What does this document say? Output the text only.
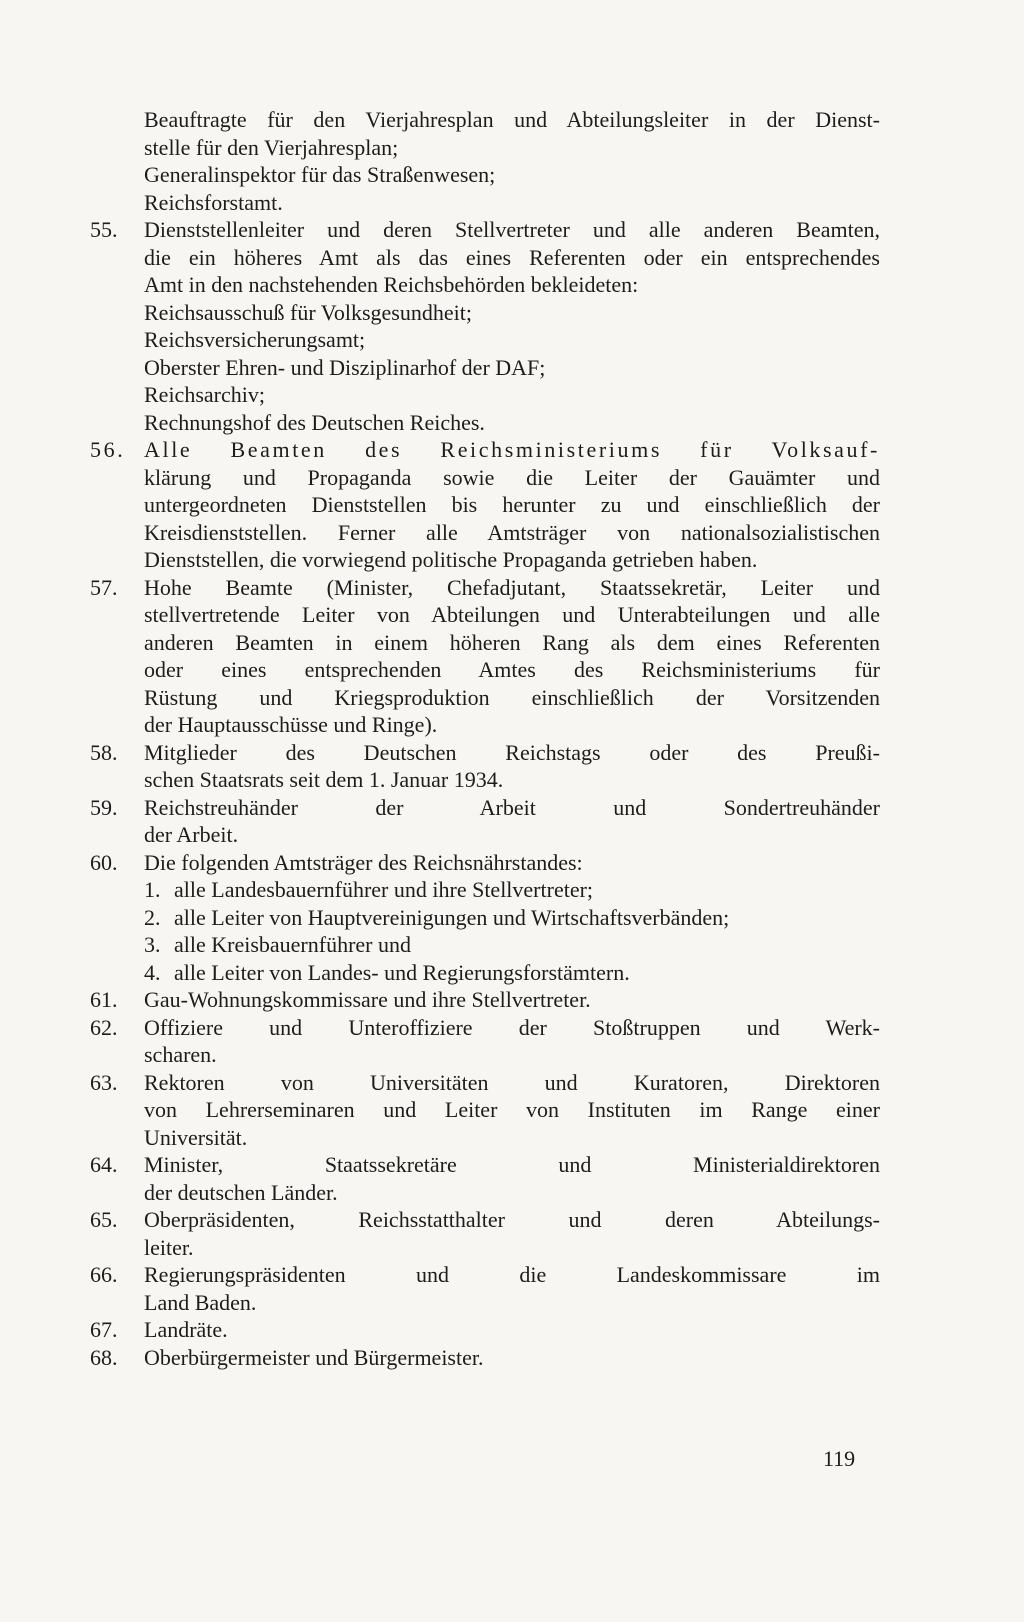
Beauftragte für den Vierjahresplan und Abteilungsleiter in der Dienst-
stelle für den Vierjahresplan;
Generalinspektor für das Straßenwesen;
Reichsforstamt.
55. Dienststellenleiter und deren Stellvertreter und alle anderen Beamten,
die ein höheres Amt als das eines Referenten oder ein entsprechendes
Amt in den nachstehenden Reichsbehörden bekleideten:
Reichsausschuß für Volksgesundheit;
Reichsversicherungsamt;
Oberster Ehren- und Disziplinarhof der DAF;
Reichsarchiv;
Rechnungshof des Deutschen Reiches.
56. Alle Beamten des Reichsministeriums für Volksauf-
klärung und Propaganda sowie die Leiter der Gauämter und
untergeordneten Dienststellen bis herunter zu und einschließlich der
Kreisdienststellen. Ferner alle Amtsträger von nationalsozialistischen
Dienststellen, die vorwiegend politische Propaganda getrieben haben.
57. Hohe Beamte (Minister, Chefadjutant, Staatssekretär, Leiter und
stellvertretende Leiter von Abteilungen und Unterabteilungen und alle
anderen Beamten in einem höheren Rang als dem eines Referenten
oder eines entsprechenden Amtes des Reichsministeriums für
Rüstung und Kriegsproduktion einschließlich der Vorsitzenden
der Hauptausschüsse und Ringe).
58. Mitglieder des Deutschen Reichstags oder des Preußi-
schen Staatsrats seit dem 1. Januar 1934.
59. Reichstreuhänder der Arbeit und Sondertreuhänder
der Arbeit.
60. Die folgenden Amtsträger des Reichsnährstandes:
1. alle Landesbauernführer und ihre Stellvertreter;
2. alle Leiter von Hauptvereinigungen und Wirtschaftsverbänden;
3. alle Kreisbauernführer und
4. alle Leiter von Landes- und Regierungsforstämtern.
61. Gau-Wohnungskommissare und ihre Stellvertreter.
62. Offiziere und Unteroffiziere der Stoßtruppen und Werk-
scharen.
63. Rektoren von Universitäten und Kuratoren, Direktoren
von Lehrerseminaren und Leiter von Instituten im Range einer
Universität.
64. Minister, Staatssekretäre und Ministerialdirektoren
der deutschen Länder.
65. Oberpräsidenten, Reichsstatthalter und deren Abteilungs-
leiter.
66. Regierungspräsidenten und die Landeskommissare im
Land Baden.
67. Landräte.
68. Oberbürgermeister und Bürgermeister.
119
